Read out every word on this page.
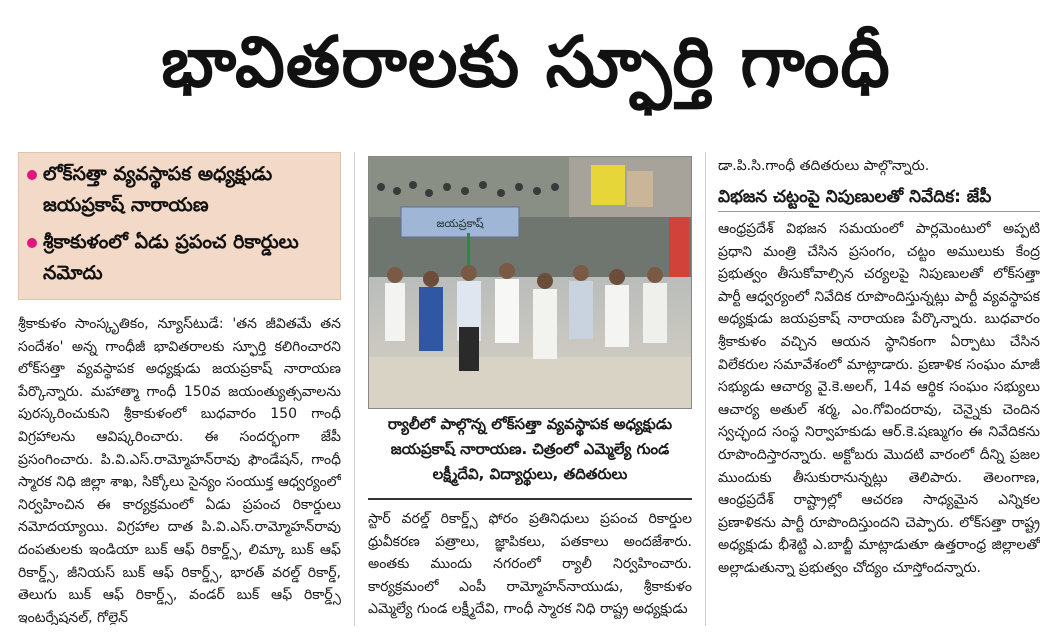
భావితరాలకు స్ఫూర్తి గాంధీ
లోక్‌సత్తా వ్యవస్థాపక అధ్యక్షుడు జయప్రకాష్ నారాయణ
శ్రీకాకుళంలో ఏడు ప్రపంచ రికార్డులు నమోదు
శ్రీకాకుళం సాంస్కృతికం, న్యూస్‌టుడే: 'తన జీవితమే తన సందేశం' అన్న గాంధీజీ భావితరాలకు స్ఫూర్తి కలిగించారని లోక్‌సత్తా వ్యవస్థాపక అధ్యక్షుడు జయప్రకాష్ నారాయణ పేర్కొన్నారు. మహాత్మా గాంధీ 150వ జయంత్యుత్సవాలను పురస్కరించుకుని శ్రీకాకుళంలో బుధవారం 150 గాంధీ విగ్రహాలను ఆవిష్కరించారు. ఈ సందర్భంగా జేపీ ప్రసంగించారు. పి.వి.ఎస్.రామ్మోహన్‌రావు ఫౌండేషన్, గాంధీ స్మారక నిధి జిల్లా శాఖ, సిక్కోలు సైన్యం సంయుక్త ఆధ్వర్యంలో నిర్వహించిన ఈ కార్యక్రమంలో ఏడు ప్రపంచ రికార్డులు నమోదయ్యాయి. విగ్రహాల దాత పి.వి.ఎస్.రామ్మోహన్‌రావు దంపతులకు ఇండియా బుక్ ఆఫ్ రికార్డ్స్, లిమ్కా బుక్ ఆఫ్ రికార్డ్స్, జీనియస్ బుక్ ఆఫ్ రికార్డ్స్, భారత్ వరల్డ్ రికార్డ్, తెలుగు బుక్ ఆఫ్ రికార్డ్స్, వండర్ బుక్ ఆఫ్ రికార్డ్స్ ఇంటర్నేషనల్, గోల్డెన్
జయప్రకాష్
ర్యాలీలో పాల్గొన్న లోక్‌సత్తా వ్యవస్థాపక అధ్యక్షుడు జయప్రకాష్ నారాయణ. చిత్రంలో ఎమ్మెల్యే గుండ లక్ష్మీదేవి, విద్యార్థులు, తదితరులు
స్టార్ వరల్డ్ రికార్డ్స్ ఫోరం ప్రతినిధులు ప్రపంచ రికార్డుల ధ్రువీకరణ పత్రాలు, జ్ఞాపికలు, పతకాలు అందజేశారు. అంతకు ముందు నగరంలో ర్యాలీ నిర్వహించారు. కార్యక్రమంలో ఎంపీ రామ్మోహన్‌నాయుడు, శ్రీకాకుళం ఎమ్మెల్యే గుండ లక్ష్మీదేవి, గాంధీ స్మారక నిధి రాష్ట్ర అధ్యక్షుడు
డా.పి.సి.గాంధీ తదితరులు పాల్గొన్నారు.
విభజన చట్టంపై నిపుణులతో నివేదిక: జేపీ
ఆంధ్రప్రదేశ్ విభజన సమయంలో పార్లమెంటులో అప్పటి ప్రధాని మంత్రి చేసిన ప్రసంగం, చట్టం అములుకు కేంద్ర ప్రభుత్వం తీసుకోవాల్సిన చర్యలపై నిపుణులతో లోక్‌సత్తా పార్టీ ఆధ్వర్యంలో నివేదిక రూపొందిస్తున్నట్లు పార్టీ వ్యవస్థాపక అధ్యక్షుడు జయప్రకాష్ నారాయణ పేర్కొన్నారు. బుధవారం శ్రీకాకుళం వచ్చిన ఆయన స్థానికంగా ఏర్పాటు చేసిన విలేకరుల సమావేశంలో మాట్లాడారు. ప్రణాళిక సంఘం మాజీ సభ్యుడు ఆచార్య వై.కె.అలగ్, 14వ ఆర్థిక సంఘం సభ్యులు ఆచార్య అతుల్ శర్మ, ఎం.గోవిందరావు, చెన్నైకు చెందిన స్వచ్ఛంద సంస్థ నిర్వాహకుడు ఆర్.కె.షణ్ముగం ఈ నివేదికను రూపొందిస్తారన్నారు. అక్టోబరు మొదటి వారంలో దీన్ని ప్రజల ముందుకు తీసుకురానున్నట్లు తెలిపారు. తెలంగాణ, ఆంధ్రప్రదేశ్ రాష్ట్రాల్లో ఆచరణ సాధ్యమైన ఎన్నికల ప్రణాళికను పార్టీ రూపొందిస్తుందని చెప్పారు. లోక్‌సత్తా రాష్ట్ర అధ్యక్షుడు భీశెట్టి ఎ.బాబ్జీ మాట్లాడుతూ ఉత్తరాంధ్ర జిల్లాలతో అల్లాడుతున్నా ప్రభుత్వం చోద్యం చూస్తోందన్నారు.
